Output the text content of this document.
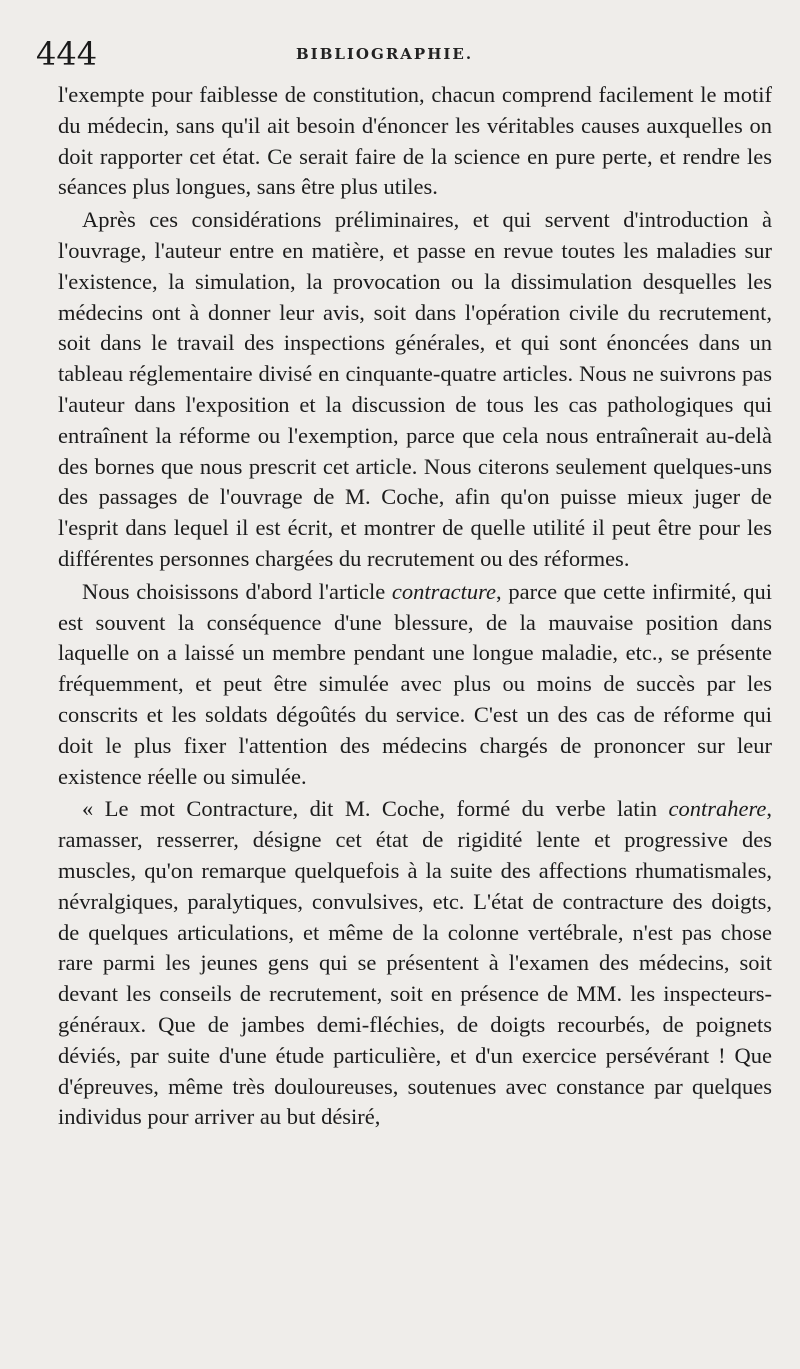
444	BIBLIOGRAPHIE.

l'exempte pour faiblesse de constitution, chacun comprend facilement le motif du médecin, sans qu'il ait besoin d'énoncer les véritables causes auxquelles on doit rapporter cet état. Ce serait faire de la science en pure perte, et rendre les séances plus longues, sans être plus utiles.

Après ces considérations préliminaires, et qui servent d'introduction à l'ouvrage, l'auteur entre en matière, et passe en revue toutes les maladies sur l'existence, la simulation, la provocation ou la dissimulation desquelles les médecins ont à donner leur avis, soit dans l'opération civile du recrutement, soit dans le travail des inspections générales, et qui sont énoncées dans un tableau réglementaire divisé en cinquante-quatre articles. Nous ne suivrons pas l'auteur dans l'exposition et la discussion de tous les cas pathologiques qui entraînent la réforme ou l'exemption, parce que cela nous entraînerait au-delà des bornes que nous prescrit cet article. Nous citerons seulement quelques-uns des passages de l'ouvrage de M. Coche, afin qu'on puisse mieux juger de l'esprit dans lequel il est écrit, et montrer de quelle utilité il peut être pour les différentes personnes chargées du recrutement ou des réformes.

Nous choisissons d'abord l'article contracture, parce que cette infirmité, qui est souvent la conséquence d'une blessure, de la mauvaise position dans laquelle on a laissé un membre pendant une longue maladie, etc., se présente fréquemment, et peut être simulée avec plus ou moins de succès par les conscrits et les soldats dégoûtés du service. C'est un des cas de réforme qui doit le plus fixer l'attention des médecins chargés de prononcer sur leur existence réelle ou simulée.

« Le mot Contracture, dit M. Coche, formé du verbe latin contrahere, ramasser, resserrer, désigne cet état de rigidité lente et progressive des muscles, qu'on remarque quelquefois à la suite des affections rhumatismales, névralgiques, paralytiques, convulsives, etc. L'état de contracture des doigts, de quelques articulations, et même de la colonne vertébrale, n'est pas chose rare parmi les jeunes gens qui se présentent à l'examen des médecins, soit devant les conseils de recrutement, soit en présence de MM. les inspecteurs-généraux. Que de jambes demi-fléchies, de doigts recourbés, de poignets déviés, par suite d'une étude particulière, et d'un exercice persévérant ! Que d'épreuves, même très douloureuses, soutenues avec constance par quelques individus pour arriver au but désiré,
